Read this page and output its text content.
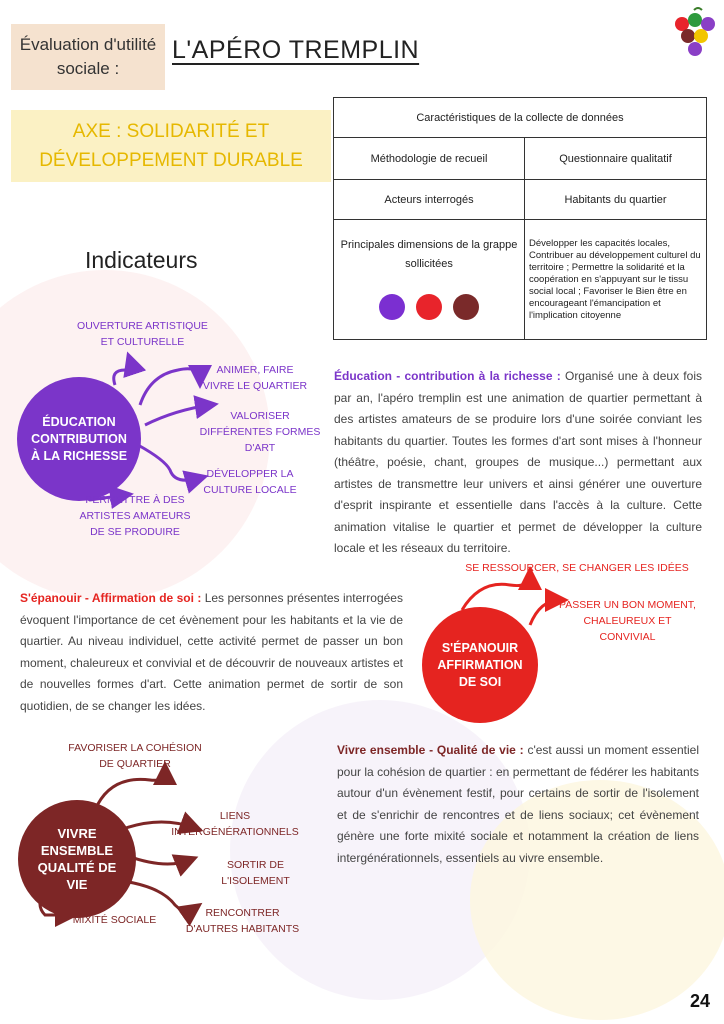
Évaluation d'utilité sociale :
L'APÉRO TREMPLIN
AXE : SOLIDARITÉ ET DÉVELOPPEMENT DURABLE
Caractéristiques de la collecte de données	
Méthodologie de recueil	Questionnaire qualitatif
Acteurs interrogés	Habitants du quartier

Principales dimensions de la grappe sollicitées	Développer les capacités locales, Contribuer au développement culturel du territoire ; Permettre la solidarité et la coopération en s'appuyant sur le tissu social local ; Favoriser le Bien être en encourageant l'émancipation et l'implication citoyenne
Indicateurs
ÉDUCATION CONTRIBUTION À LA RICHESSE
OUVERTURE ARTISTIQUE ET CULTURELLE
ANIMER, FAIRE VIVRE LE QUARTIER
VALORISER DIFFÉRENTES FORMES D'ART
DÉVELOPPER LA CULTURE LOCALE
PERMETTRE À DES ARTISTES AMATEURS DE SE PRODUIRE
Éducation - contribution à la richesse : Organisé une à deux fois par an, l'apéro tremplin est une animation de quartier permettant à des artistes amateurs de se produire lors d'une soirée conviant les habitants du quartier. Toutes les formes d'art sont mises à l'honneur (théâtre, poésie, chant, groupes de musique...) permettant aux artistes de transmettre leur univers et ainsi générer une ouverture d'esprit inspirante et essentielle dans l'accès à la culture. Cette animation vitalise le quartier et permet de développer la culture locale et les réseaux du territoire.
S'épanouir - Affirmation de soi : Les personnes présentes interrogées évoquent l'importance de cet évènement pour les habitants et la vie de quartier. Au niveau individuel, cette activité permet de passer un bon moment, chaleureux et convivial et de découvrir de nouveaux artistes et de nouvelles formes d'art. Cette animation permet de sortir de son quotidien, de se changer les idées.
S'ÉPANOUIR AFFIRMATION DE SOI
SE RESSOURCER, SE CHANGER LES IDÉES
PASSER UN BON MOMENT, CHALEUREUX ET CONVIVIAL
VIVRE ENSEMBLE QUALITÉ DE VIE
FAVORISER LA COHÉSION DE QUARTIER
LIENS INTERGÉNÉRATIONNELS
SORTIR DE L'ISOLEMENT
RENCONTRER D'AUTRES HABITANTS
MIXITÉ SOCIALE
Vivre ensemble - Qualité de vie : c'est aussi un moment essentiel pour la cohésion de quartier : en permettant de fédérer les habitants autour d'un évènement festif, pour certains de sortir de l'isolement et de s'enrichir de rencontres et de liens sociaux; cet évènement génère une forte mixité sociale et notamment la création de liens intergénérationnels, essentiels au vivre ensemble.
24
